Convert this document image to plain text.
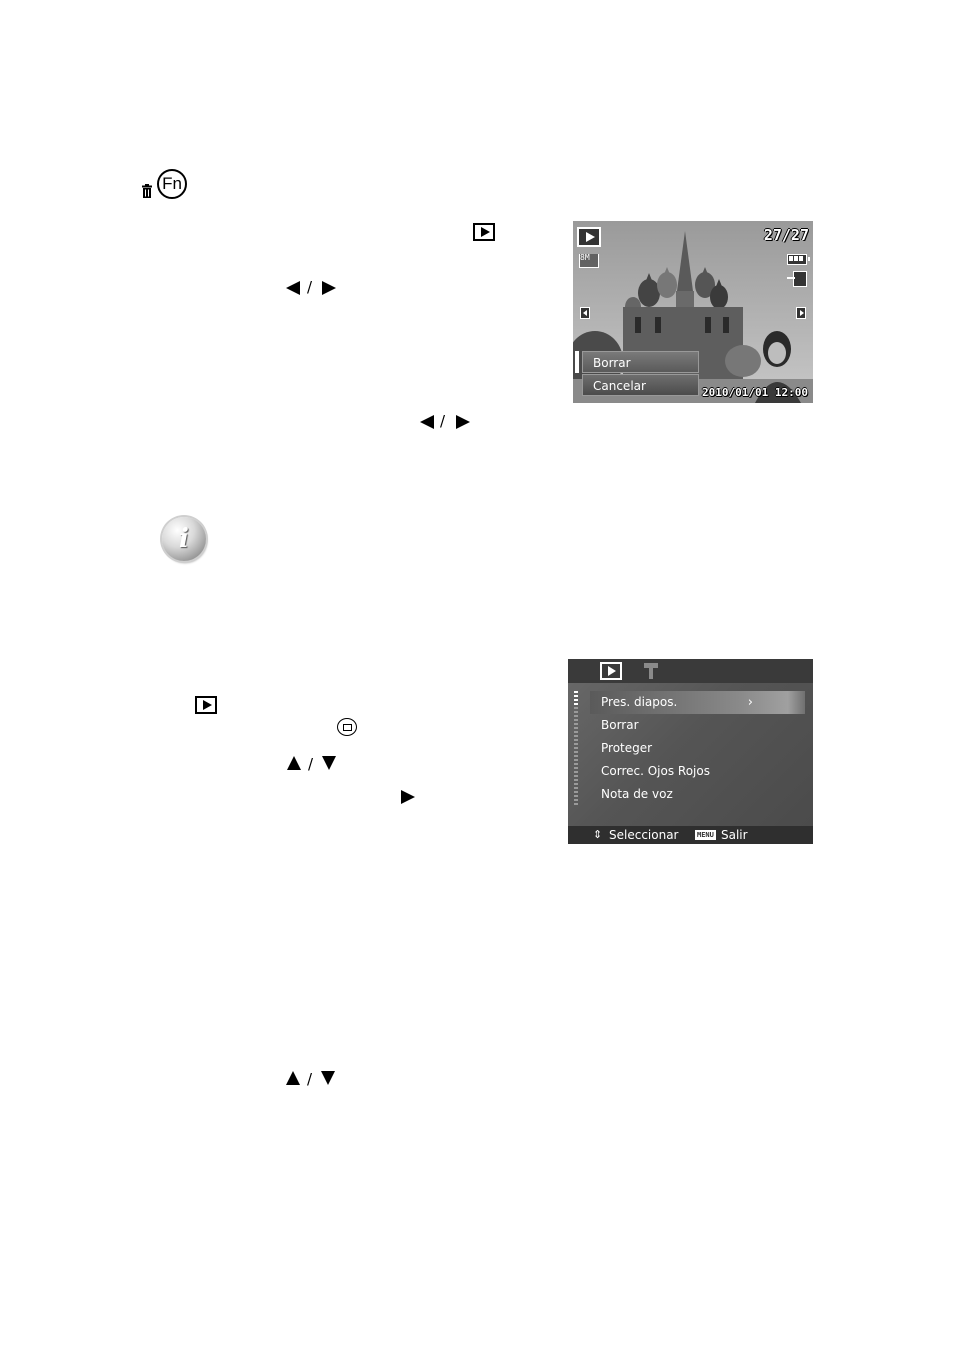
Fn
/
/
27/27
8M
Borrar
Cancelar	2010/01/01 12:00
i
/
Pres. diapos.	›
Borrar
Proteger
Correc. Ojos Rojos
Nota de voz
⇕ Seleccionar	MENU Salir
/
